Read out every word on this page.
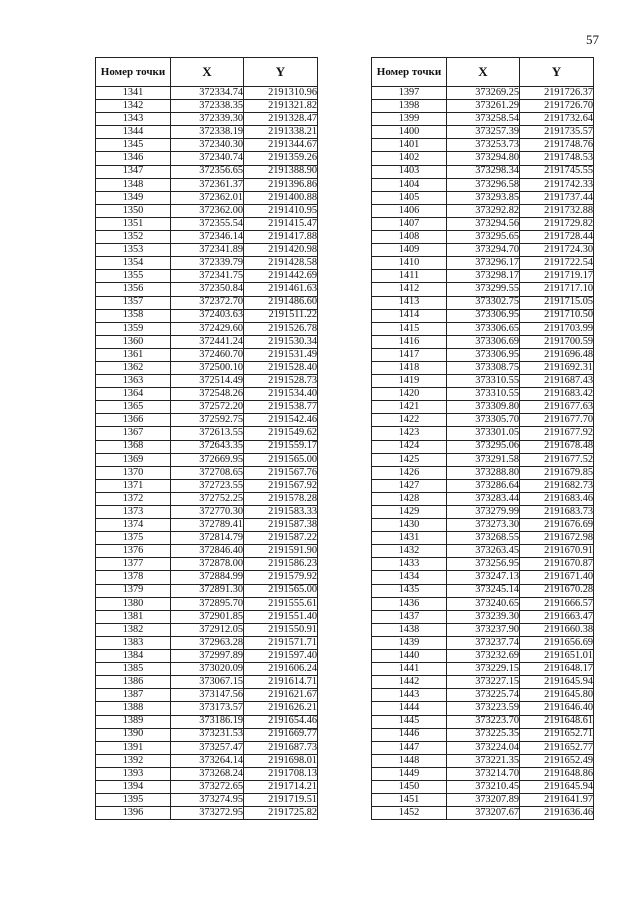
57
Номер точки	X	Y
1341	372334.74	2191310.96
1342	372338.35	2191321.82
1343	372339.30	2191328.47
1344	372338.19	2191338.21
1345	372340.30	2191344.67
1346	372340.74	2191359.26
1347	372356.65	2191388.90
1348	372361.37	2191396.86
1349	372362.01	2191400.88
1350	372362.00	2191410.95
1351	372355.54	2191415.47
1352	372346.14	2191417.88
1353	372341.89	2191420.98
1354	372339.79	2191428.58
1355	372341.75	2191442.69
1356	372350.84	2191461.63
1357	372372.70	2191486.60
1358	372403.63	2191511.22
1359	372429.60	2191526.78
1360	372441.24	2191530.34
1361	372460.70	2191531.49
1362	372500.10	2191528.40
1363	372514.49	2191528.73
1364	372548.26	2191534.40
1365	372572.20	2191538.77
1366	372592.75	2191542.46
1367	372613.55	2191549.62
1368	372643.35	2191559.17
1369	372669.95	2191565.00
1370	372708.65	2191567.76
1371	372723.55	2191567.92
1372	372752.25	2191578.28
1373	372770.30	2191583.33
1374	372789.41	2191587.38
1375	372814.79	2191587.22
1376	372846.40	2191591.90
1377	372878.00	2191586.23
1378	372884.99	2191579.92
1379	372891.30	2191565.00
1380	372895.70	2191555.61
1381	372901.85	2191551.40
1382	372912.05	2191550.91
1383	372963.28	2191571.71
1384	372997.89	2191597.40
1385	373020.09	2191606.24
1386	373067.15	2191614.71
1387	373147.56	2191621.67
1388	373173.57	2191626.21
1389	373186.19	2191654.46
1390	373231.53	2191669.77
1391	373257.47	2191687.73
1392	373264.14	2191698.01
1393	373268.24	2191708.13
1394	373272.65	2191714.21
1395	373274.95	2191719.51
1396	373272.95	2191725.82
Номер точки	X	Y
1397	373269.25	2191726.37
1398	373261.29	2191726.70
1399	373258.54	2191732.64
1400	373257.39	2191735.57
1401	373253.73	2191748.76
1402	373294.80	2191748.53
1403	373298.34	2191745.55
1404	373296.58	2191742.33
1405	373293.85	2191737.44
1406	373292.82	2191732.88
1407	373294.56	2191729.82
1408	373295.65	2191728.44
1409	373294.70	2191724.30
1410	373296.17	2191722.54
1411	373298.17	2191719.17
1412	373299.55	2191717.10
1413	373302.75	2191715.05
1414	373306.95	2191710.50
1415	373306.65	2191703.99
1416	373306.69	2191700.59
1417	373306.95	2191696.48
1418	373308.75	2191692.31
1419	373310.55	2191687.43
1420	373310.55	2191683.42
1421	373309.80	2191677.63
1422	373305.70	2191677.70
1423	373301.05	2191677.92
1424	373295.06	2191678.48
1425	373291.58	2191677.52
1426	373288.80	2191679.85
1427	373286.64	2191682.73
1428	373283.44	2191683.46
1429	373279.99	2191683.73
1430	373273.30	2191676.69
1431	373268.55	2191672.98
1432	373263.45	2191670.91
1433	373256.95	2191670.87
1434	373247.13	2191671.40
1435	373245.14	2191670.28
1436	373240.65	2191666.57
1437	373239.30	2191663.47
1438	373237.90	2191660.38
1439	373237.74	2191656.69
1440	373232.69	2191651.01
1441	373229.15	2191648.17
1442	373227.15	2191645.94
1443	373225.74	2191645.80
1444	373223.59	2191646.40
1445	373223.70	2191648.61
1446	373225.35	2191652.71
1447	373224.04	2191652.77
1448	373221.35	2191652.49
1449	373214.70	2191648.86
1450	373210.45	2191645.94
1451	373207.89	2191641.97
1452	373207.67	2191636.46
